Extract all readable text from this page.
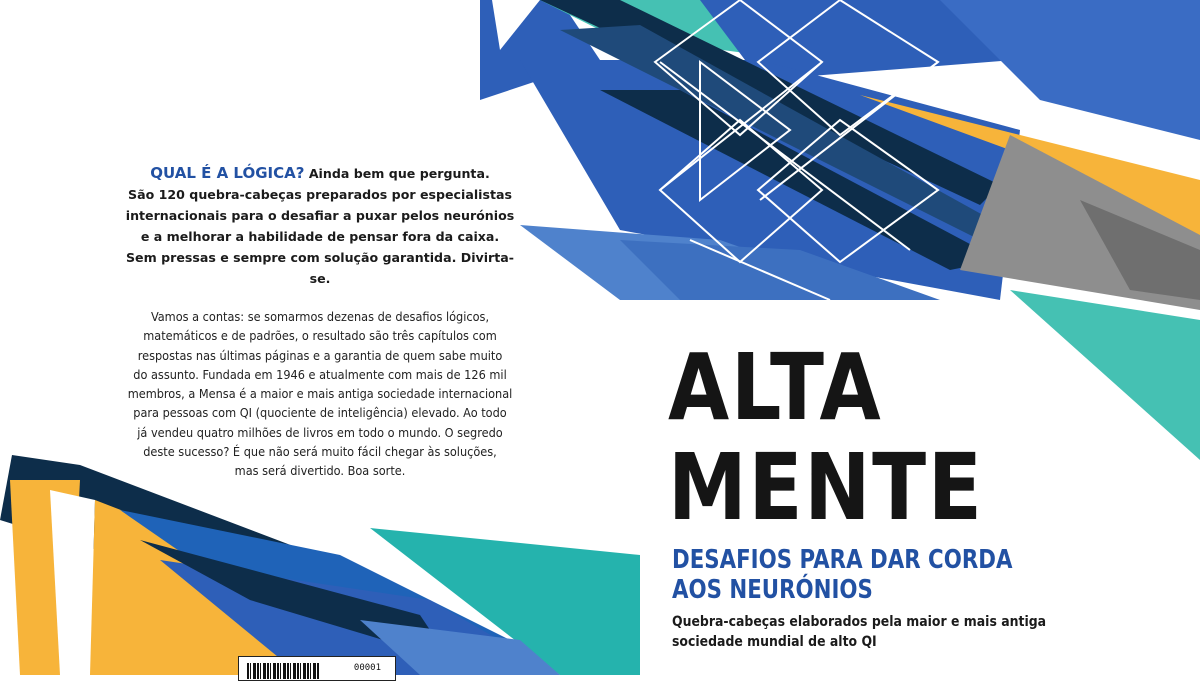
QUAL É A LÓGICA? Ainda bem que pergunta.
São 120 quebra-cabeças preparados por especialistas
internacionais para o desafiar a puxar pelos neurónios
e a melhorar a habilidade de pensar fora da caixa.
Sem pressas e sempre com solução garantida. Divirta-se.
Vamos a contas: se somarmos dezenas de desafios lógicos,
matemáticos e de padrões, o resultado são três capítulos com
respostas nas últimas páginas e a garantia de quem sabe muito
do assunto. Fundada em 1946 e atualmente com mais de 126 mil
membros, a Mensa é a maior e mais antiga sociedade internacional
para pessoas com QI (quociente de inteligência) elevado. Ao todo
já vendeu quatro milhões de livros em todo o mundo. O segredo
deste sucesso? É que não será muito fácil chegar às soluções,
mas será divertido. Boa sorte.
00001
ALTA
MENTE
DESAFIOS PARA DAR CORDA
AOS NEURÓNIOS
Quebra-cabeças elaborados pela maior e mais antiga
sociedade mundial de alto QI
